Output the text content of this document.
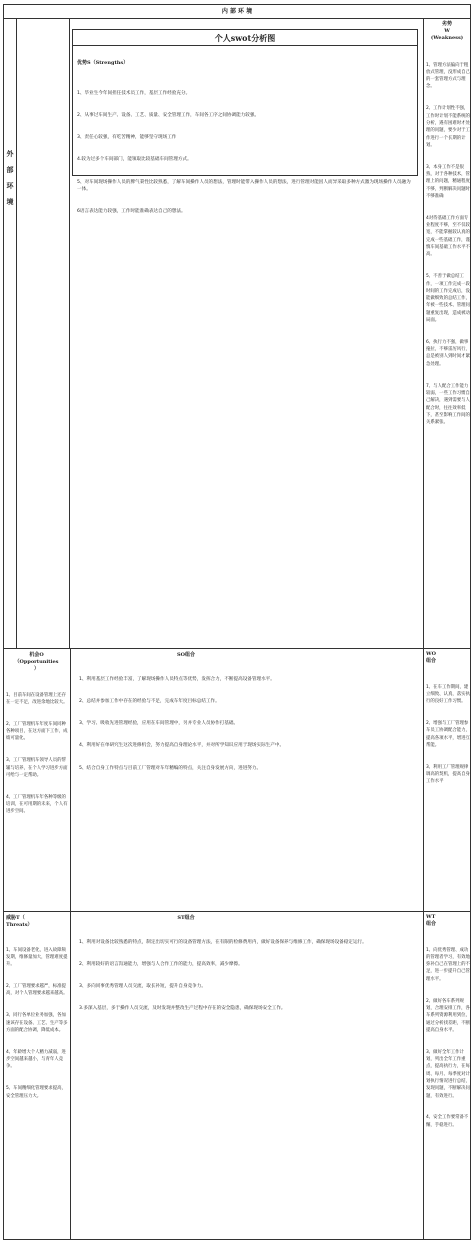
内 部 环 境
外

部

环

境
个人swot分析图
优势S（Strengths）

1、毕业生今年间担任技术员工作，基层工作经验充分。

2、从事过车间生产、设备、工艺、质量、安全管理工作，车间各工序之间协调能力较强。

3、责任心较强，有吃苦精神，能够坚守现场工作

4.较为过多个车间部门，能领取比较基础车间管理方式。

5、对车间现场操作人员的脾气秉性比较熟悉，了解车间操作人员的想法，管理时能带入操作人员的想法，进行管理对能因人而异采取多种方式激为现场操作人员融为一体。

6语言表达能力较强，工作时能准确表达自己的想法。

劣势
W
(Weakness)

1、管理方法偏向于粗放式管理，没形成自己的一套管理方式与理念。

2、工作计划性不强，工作时计划不能系统的分析，遇有困难时才处理的问题，要少对于工作进行一个长期的计划。

3、本身工作不是很熟，对于各种技术，管理上的问题，精通程度不够，判断解决问题时不够准确

4对待基础工作方面专业程度不够，至不仅较宽，不能掌握较认真的完成一些基础工作，谨慎车间基础工作水平不高。

5、不善于做总结工作，一项工作完成一段时间的工作完成后，没能做细致的总结工作，年被一些技术、管理问题重复出现，造成被动局面。

6、执行力不强，做事拖拉，不够雷厉风行，总是被别人到时间才紧急处理。

7、与人配合工作能力较弱，一些工作习惯自己解决，遇到需要与人配合时，往往效率低下，甚至影响工作间的关系紧张。

机会O
（Opportunities
）

1、目前车间在设备管理上还存在一定不足，改进余地比较大。

2、工厂管理机车年度车间同种各种项目，在这方面下工作，成绩可量化。

3、工厂管理机车领导人员的帮辅与培养，在个人学习进步方面可给与一定帮助。

4、工厂管理机车年各种等级的培训，在可用期的未来，个人有进步空间。

SO组合

1、利用基层工作经验丰富，了解现场操作人员特点等优势，发挥合力，不断提高设备管理水平。

2、总结并参加工作中存在的经验与不足，完成车年度目标总结工作。

3、学习、吸收先进管理经验，应用在车间管理中，另并专业人员协作打基础。

4、利用好在单研究生这次进修机会，努力提高自身理论水平，并对所学知识应用于现场实际生产中。

5、结合自身工作特点与目前工厂管理对车年精编的特点，关注自身发展方向，进进努力。

WO
组合

1、在车工作期间，建立细致、认真，落实执行的良好工作习惯。

2、增强与工厂管理参车员工协调配合能力，提高各项水平，增进互帮能。

3、利用工厂管理规律调高的契机，提高自身工作水平

威胁T（
Threats）

1、车间设备老化，进入故障频发期，维修量加大，管理难度提升。

2、工厂管理要求越严，标准提高，对个人管理要求越来越高。

3、同行各单位业务加强，各加速该存在设备、工艺、生产等多方面的配合协调，降低成本。

4、年龄增大个人精力减弱，进步空间越来越小，与青年人竞争。

5、车间精细化管理要求提高，安全管理压力大。

ST组合

1、利用对设备比较熟悉的特点，制定出切实可行的设备管理方法，在有限的检修费用内，做好设备保养与维修工作，确保现场设备稳定运行。

2、利用较好的语言沟通能力，增强与人合作工作的能力，提高效率，减少摩擦。

3、多向同事优秀管理人员交流，取长补短，提升自身竞争力。

3.多深入基层，多于操作人员交流，及时发现并整改生产过程中存在的安全隐患，确保现场安全工作。

WT
组合

1、向优秀管理、成功的管理者学习，有效地弥补自己在管理上的不足，进一步提升自己管理水平。

2、做好各车系列规划，合理安排工作，各车系列资源利用到位，通过分析找差距，不断提高自身水平。

3、做好全年工作计划，列出全年工作重点，提高执行力，在每周、每月、每季度对计划执行情况进行总结，发现问题，不断解决问题，有效进行。

4、安全工作要常备不懈，手稳进行。
